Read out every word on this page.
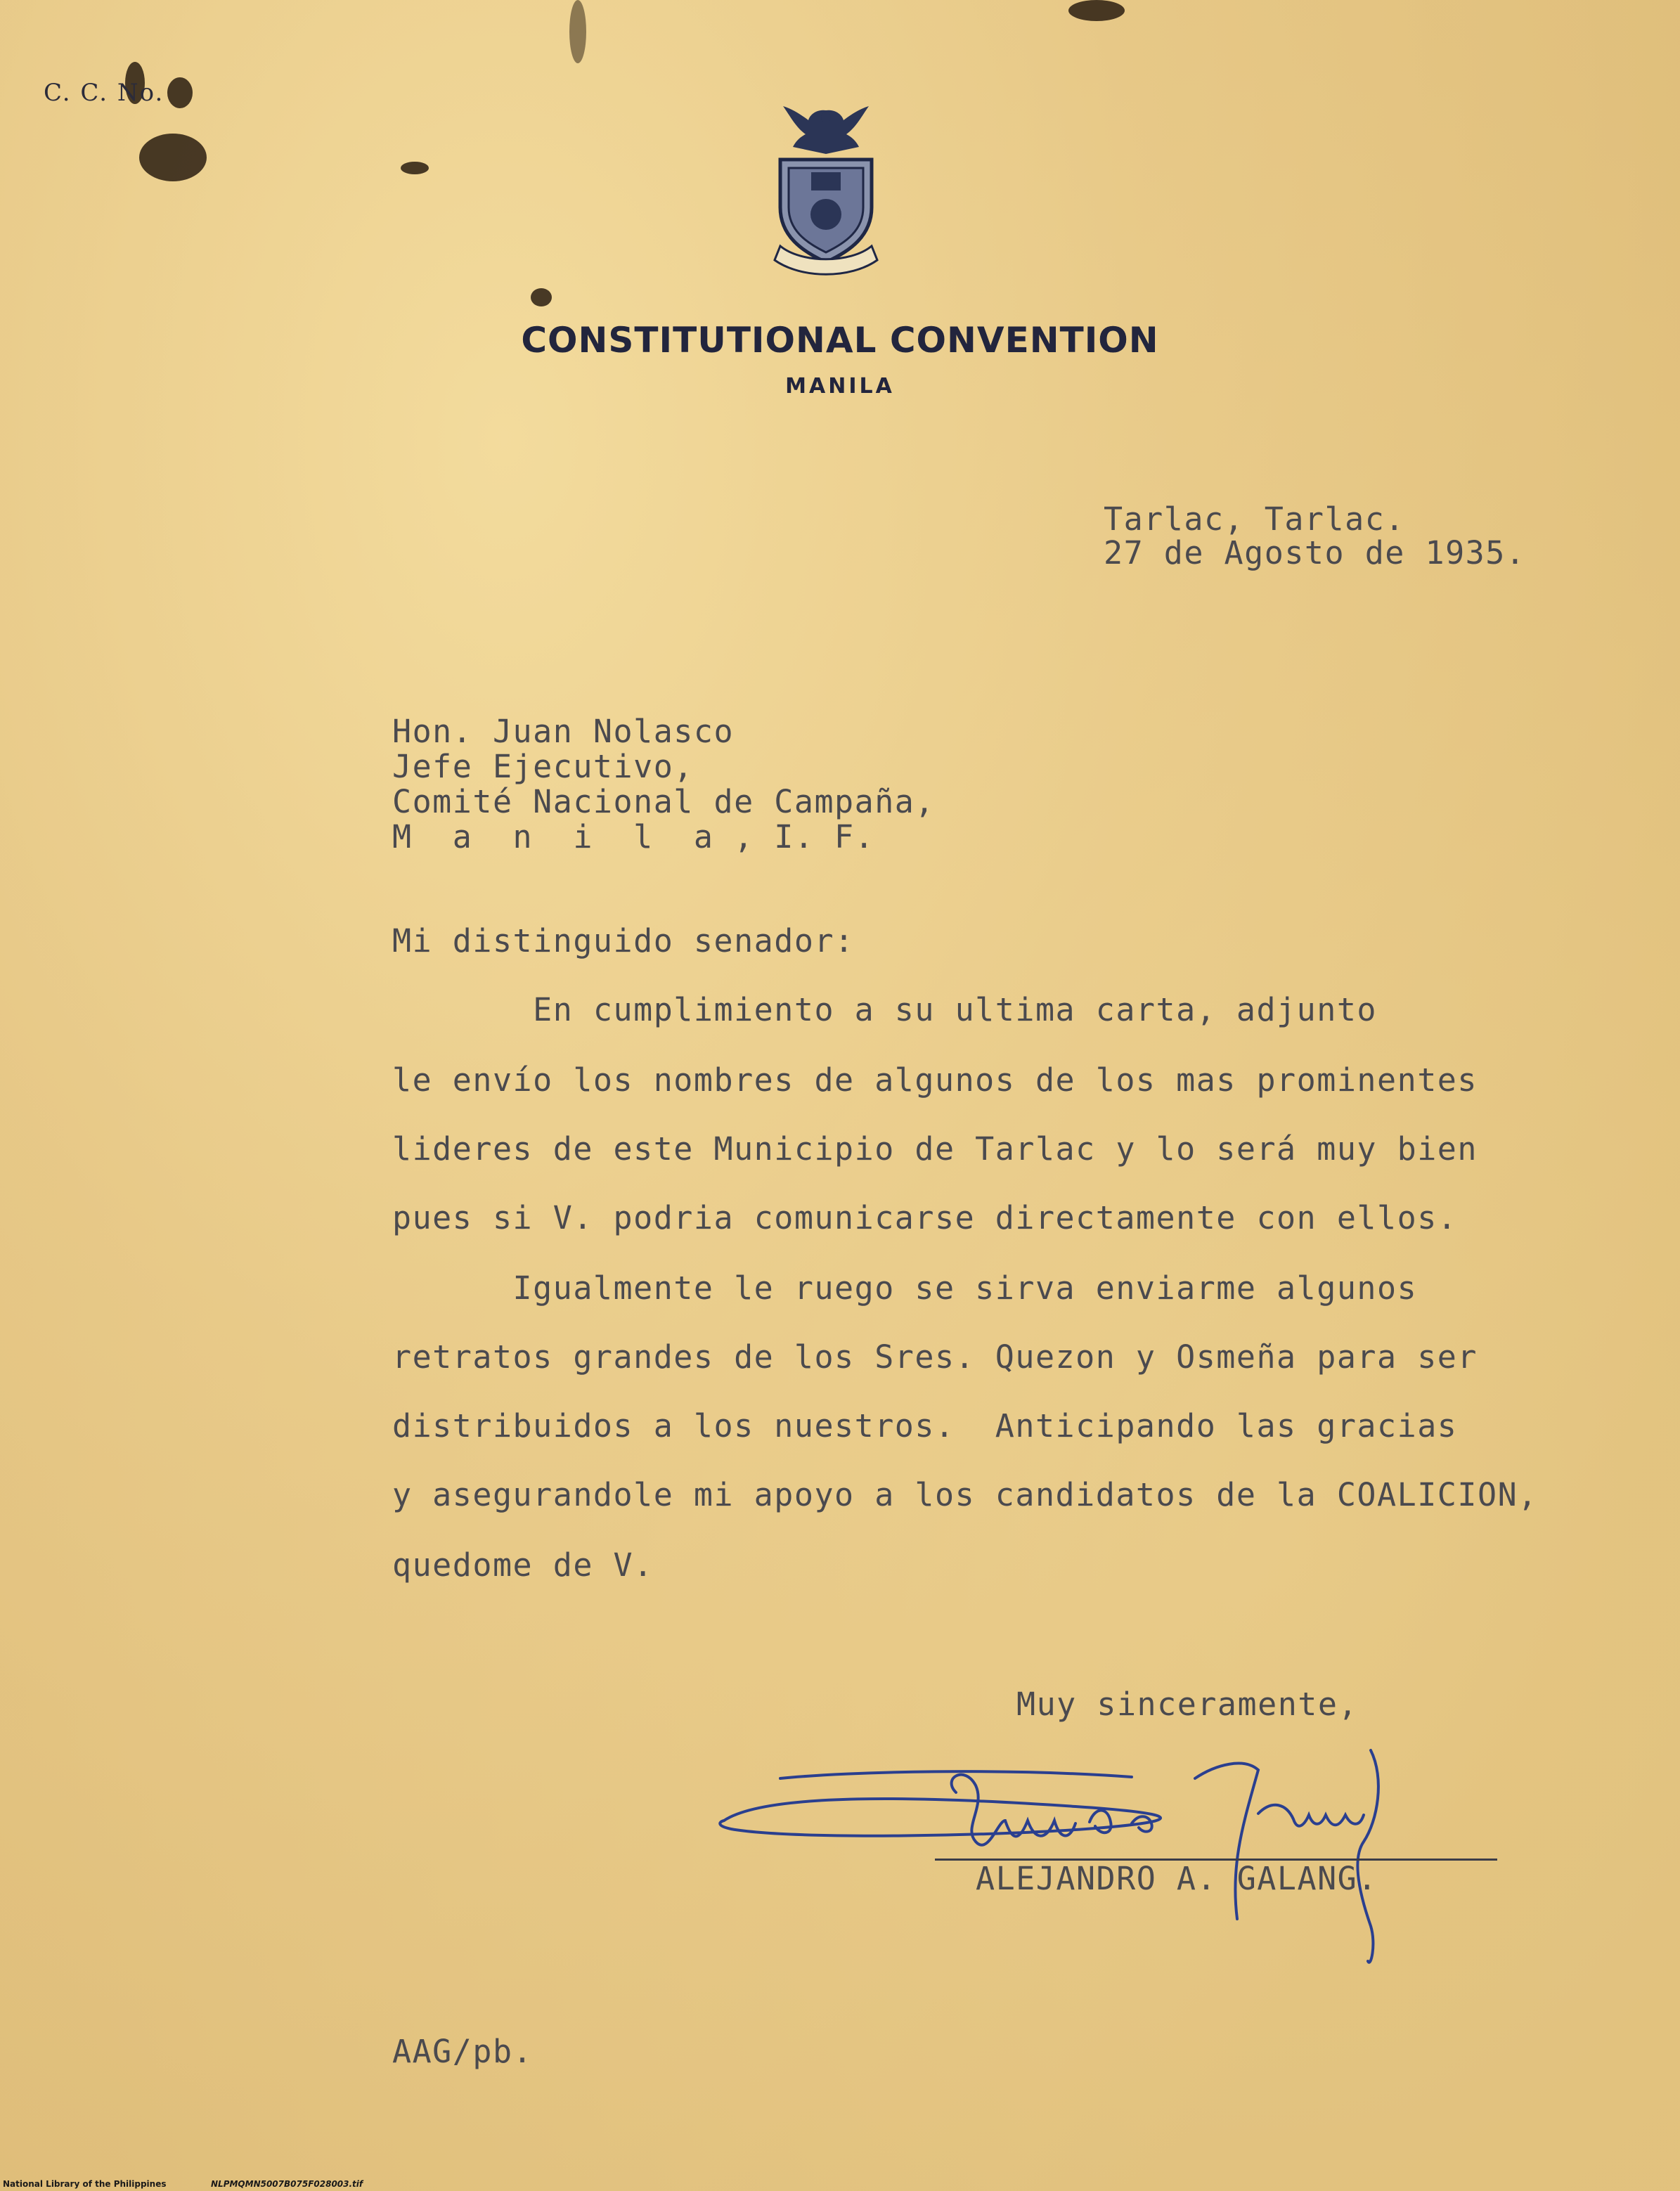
C. C. No.
CONSTITUTIONAL CONVENTION
MANILA
Tarlac, Tarlac.
27 de Agosto de 1935.
Hon. Juan Nolasco
Jefe Ejecutivo,
Comité Nacional de Campaña,
M  a  n  i  l  a , I. F.
Mi distinguido senador:
En cumplimiento a su ultima carta, adjunto
le envío los nombres de algunos de los mas prominentes
lideres de este Municipio de Tarlac y lo será muy bien
pues si V. podria comunicarse directamente con ellos.
Igualmente le ruego se sirva enviarme algunos
retratos grandes de los Sres. Quezon y Osmeña para ser
distribuidos a los nuestros.  Anticipando las gracias
y asegurandole mi apoyo a los candidatos de la COALICION,
quedome de V.
Muy sinceramente,
ALEJANDRO A. GALANG.
AAG/pb.
National Library of the Philippines	NLPMQMN5007B075F028003.tif
